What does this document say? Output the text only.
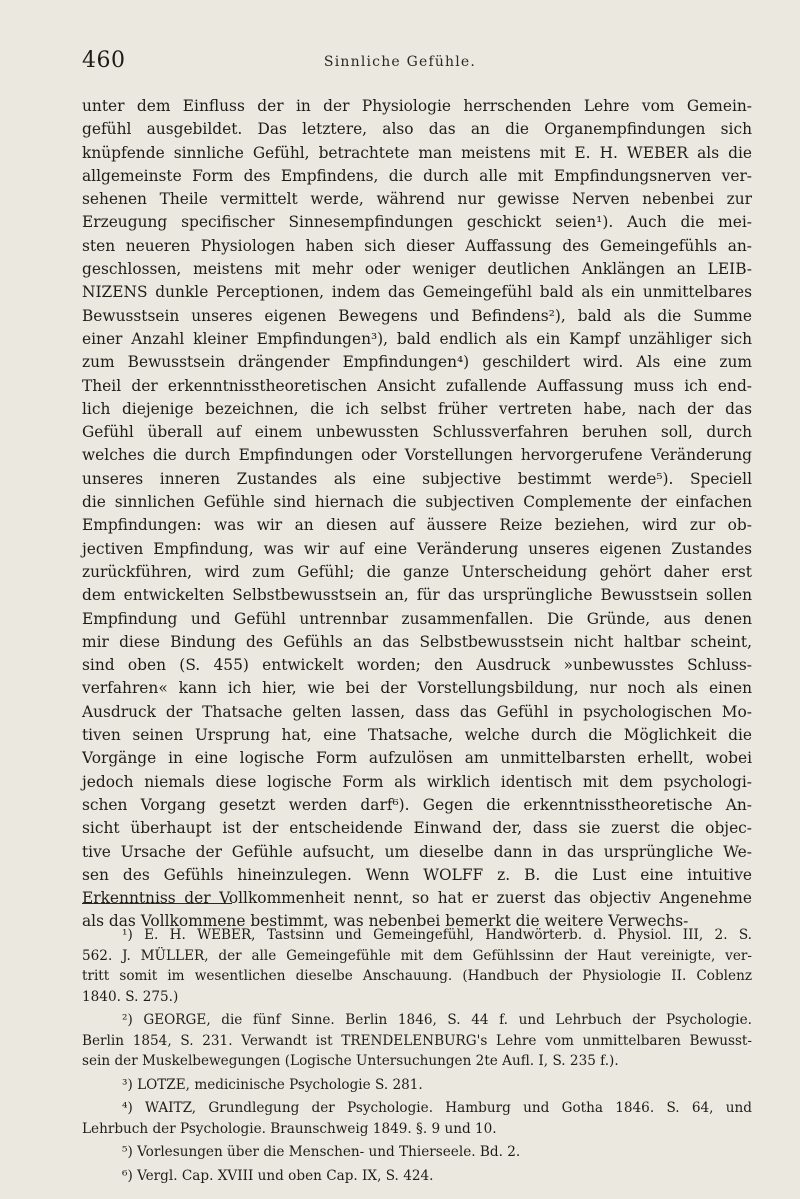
460	Sinnliche Gefühle.
unter dem Einfluss der in der Physiologie herrschenden Lehre vom Gemein-
gefühl ausgebildet. Das letztere, also das an die Organempfindungen sich
knüpfende sinnliche Gefühl, betrachtete man meistens mit E. H. WEBER als die
allgemeinste Form des Empfindens, die durch alle mit Empfindungsnerven ver-
sehenen Theile vermittelt werde, während nur gewisse Nerven nebenbei zur
Erzeugung specifischer Sinnesempfindungen geschickt seien¹). Auch die mei-
sten neueren Physiologen haben sich dieser Auffassung des Gemeingefühls an-
geschlossen, meistens mit mehr oder weniger deutlichen Anklängen an LEIB-
NIZENS dunkle Perceptionen, indem das Gemeingefühl bald als ein unmittelbares
Bewusstsein unseres eigenen Bewegens und Befindens²), bald als die Summe
einer Anzahl kleiner Empfindungen³), bald endlich als ein Kampf unzähliger sich
zum Bewusstsein drängender Empfindungen⁴) geschildert wird. Als eine zum
Theil der erkenntnisstheoretischen Ansicht zufallende Auffassung muss ich end-
lich diejenige bezeichnen, die ich selbst früher vertreten habe, nach der das
Gefühl überall auf einem unbewussten Schlussverfahren beruhen soll, durch
welches die durch Empfindungen oder Vorstellungen hervorgerufene Veränderung
unseres inneren Zustandes als eine subjective bestimmt werde⁵). Speciell
die sinnlichen Gefühle sind hiernach die subjectiven Complemente der einfachen
Empfindungen: was wir an diesen auf äussere Reize beziehen, wird zur ob-
jectiven Empfindung, was wir auf eine Veränderung unseres eigenen Zustandes
zurückführen, wird zum Gefühl; die ganze Unterscheidung gehört daher erst
dem entwickelten Selbstbewusstsein an, für das ursprüngliche Bewusstsein sollen
Empfindung und Gefühl untrennbar zusammenfallen. Die Gründe, aus denen
mir diese Bindung des Gefühls an das Selbstbewusstsein nicht haltbar scheint,
sind oben (S. 455) entwickelt worden; den Ausdruck »unbewusstes Schluss-
verfahren« kann ich hier, wie bei der Vorstellungsbildung, nur noch als einen
Ausdruck der Thatsache gelten lassen, dass das Gefühl in psychologischen Mo-
tiven seinen Ursprung hat, eine Thatsache, welche durch die Möglichkeit die
Vorgänge in eine logische Form aufzulösen am unmittelbarsten erhellt, wobei
jedoch niemals diese logische Form als wirklich identisch mit dem psychologi-
schen Vorgang gesetzt werden darf⁶). Gegen die erkenntnisstheoretische An-
sicht überhaupt ist der entscheidende Einwand der, dass sie zuerst die objec-
tive Ursache der Gefühle aufsucht, um dieselbe dann in das ursprüngliche We-
sen des Gefühls hineinzulegen. Wenn WOLFF z. B. die Lust eine intuitive
Erkenntniss der Vollkommenheit nennt, so hat er zuerst das objectiv Angenehme
als das Vollkommene bestimmt, was nebenbei bemerkt die weitere Verwechs-
¹) E. H. WEBER, Tastsinn und Gemeingefühl, Handwörterb. d. Physiol. III, 2. S.
562. J. MÜLLER, der alle Gemeingefühle mit dem Gefühlssinn der Haut vereinigte, ver-
tritt somit im wesentlichen dieselbe Anschauung. (Handbuch der Physiologie II. Coblenz
1840. S. 275.)
²) GEORGE, die fünf Sinne. Berlin 1846, S. 44 f. und Lehrbuch der Psychologie.
Berlin 1854, S. 231. Verwandt ist TRENDELENBURG's Lehre vom unmittelbaren Bewusst-
sein der Muskelbewegungen (Logische Untersuchungen 2te Aufl. I, S. 235 f.).
³) LOTZE, medicinische Psychologie S. 281.
⁴) WAITZ, Grundlegung der Psychologie. Hamburg und Gotha 1846. S. 64, und
Lehrbuch der Psychologie. Braunschweig 1849. §. 9 und 10.
⁵) Vorlesungen über die Menschen- und Thierseele. Bd. 2.
⁶) Vergl. Cap. XVIII und oben Cap. IX, S. 424.
